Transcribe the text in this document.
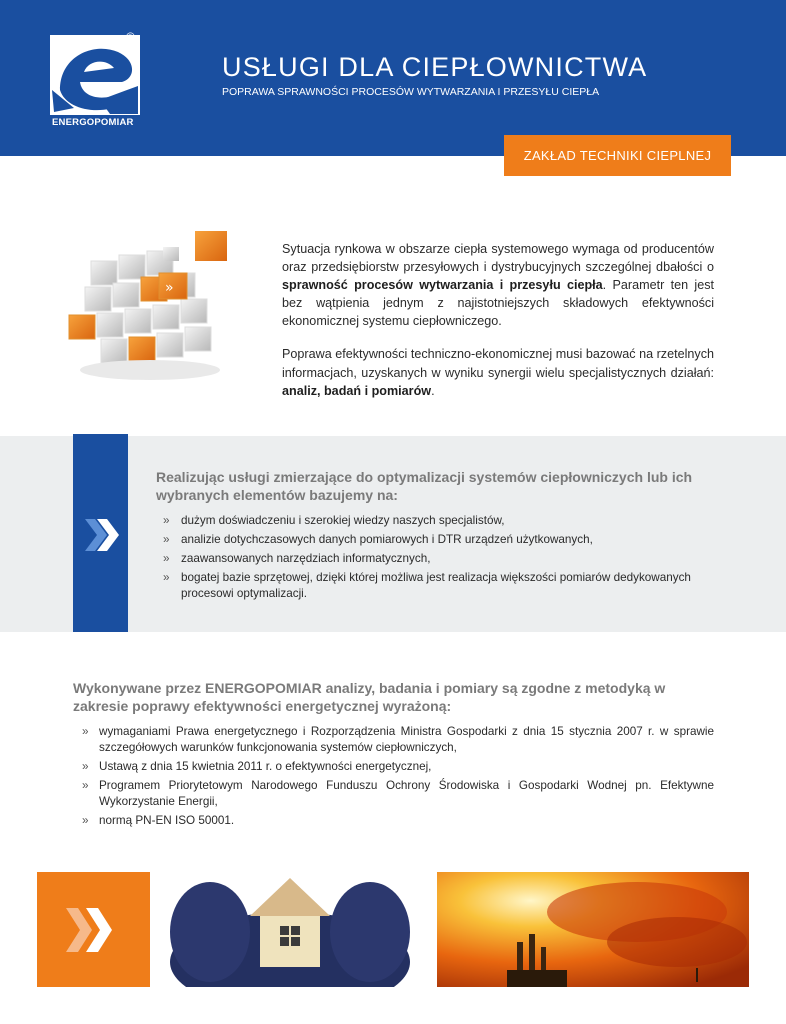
ENERGOPOMIAR
®
USŁUGI DLA CIEPŁOWNICTWA
POPRAWA SPRAWNOŚCI PROCESÓW WYTWARZANIA I PRZESYŁU CIEPŁA
ZAKŁAD TECHNIKI CIEPLNEJ
»

Sytuacja rynkowa w obszarze ciepła systemowego wymaga od producentów oraz przedsiębiorstw przesyłowych i dystrybucyjnych szczególnej dbałości o sprawność procesów wytwarzania i przesyłu ciepła. Parametr ten jest bez wątpienia jednym z najistotniejszych składowych efektywności ekonomicznej systemu ciepłowniczego.

Poprawa efektywności techniczno-ekonomicznej musi bazować na rzetelnych informacjach, uzyskanych w wyniku synergii wielu specjalistycznych działań: analiz, badań i pomiarów.

Realizując usługi zmierzające do optymalizacji systemów ciepłowniczych lub ich wybranych elementów bazujemy na:
» dużym doświadczeniu i szerokiej wiedzy naszych specjalistów,
» analizie dotychczasowych danych pomiarowych i DTR urządzeń użytkowanych,
» zaawansowanych narzędziach informatycznych,
» bogatej bazie sprzętowej, dzięki której możliwa jest realizacja większości pomiarów dedykowanych procesowi optymalizacji.
Wykonywane przez ENERGOPOMIAR analizy, badania i pomiary są zgodne z metodyką w zakresie poprawy efektywności energetycznej wyrażoną:
» wymaganiami Prawa energetycznego i Rozporządzenia Ministra Gospodarki z dnia 15 stycznia 2007 r. w sprawie szczegółowych warunków funkcjonowania systemów ciepłowniczych,
» Ustawą z dnia 15 kwietnia 2011 r. o efektywności energetycznej,
» Programem Priorytetowym Narodowego Funduszu Ochrony Środowiska i Gospodarki Wodnej pn. Efektywne Wykorzystanie Energii,
» normą PN-EN ISO 50001.
